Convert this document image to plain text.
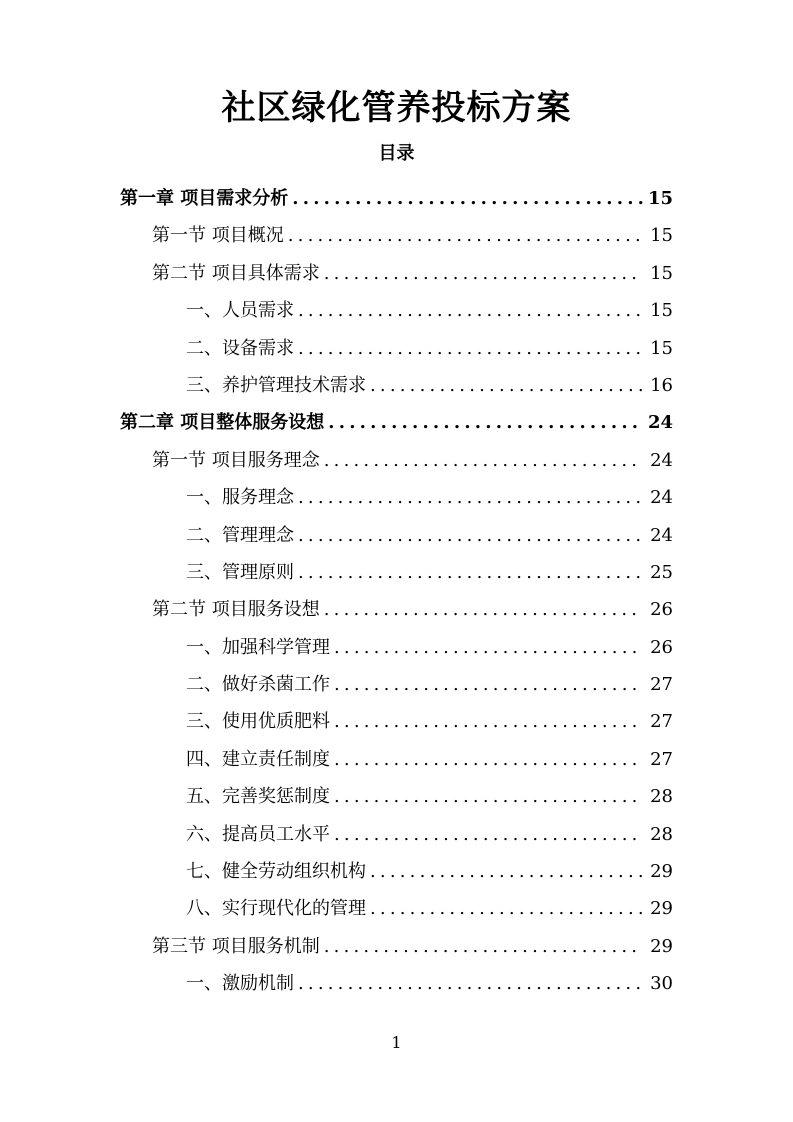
社区绿化管养投标方案
目录
第一章 项目需求分析 .....	15
第一节 项目概况 .....	15
第二节 项目具体需求 .....	15
一、人员需求 .....	15
二、设备需求 .....	15
三、养护管理技术需求 .....	16
第二章 项目整体服务设想 .....	24
第一节 项目服务理念 .....	24
一、服务理念 .....	24
二、管理理念 .....	24
三、管理原则 .....	25
第二节 项目服务设想 .....	26
一、加强科学管理 .....	26
二、做好杀菌工作 .....	27
三、使用优质肥料 .....	27
四、建立责任制度 .....	27
五、完善奖惩制度 .....	28
六、提高员工水平 .....	28
七、健全劳动组织机构 .....	29
八、实行现代化的管理 .....	29
第三节 项目服务机制 .....	29
一、激励机制 .....	30
1
